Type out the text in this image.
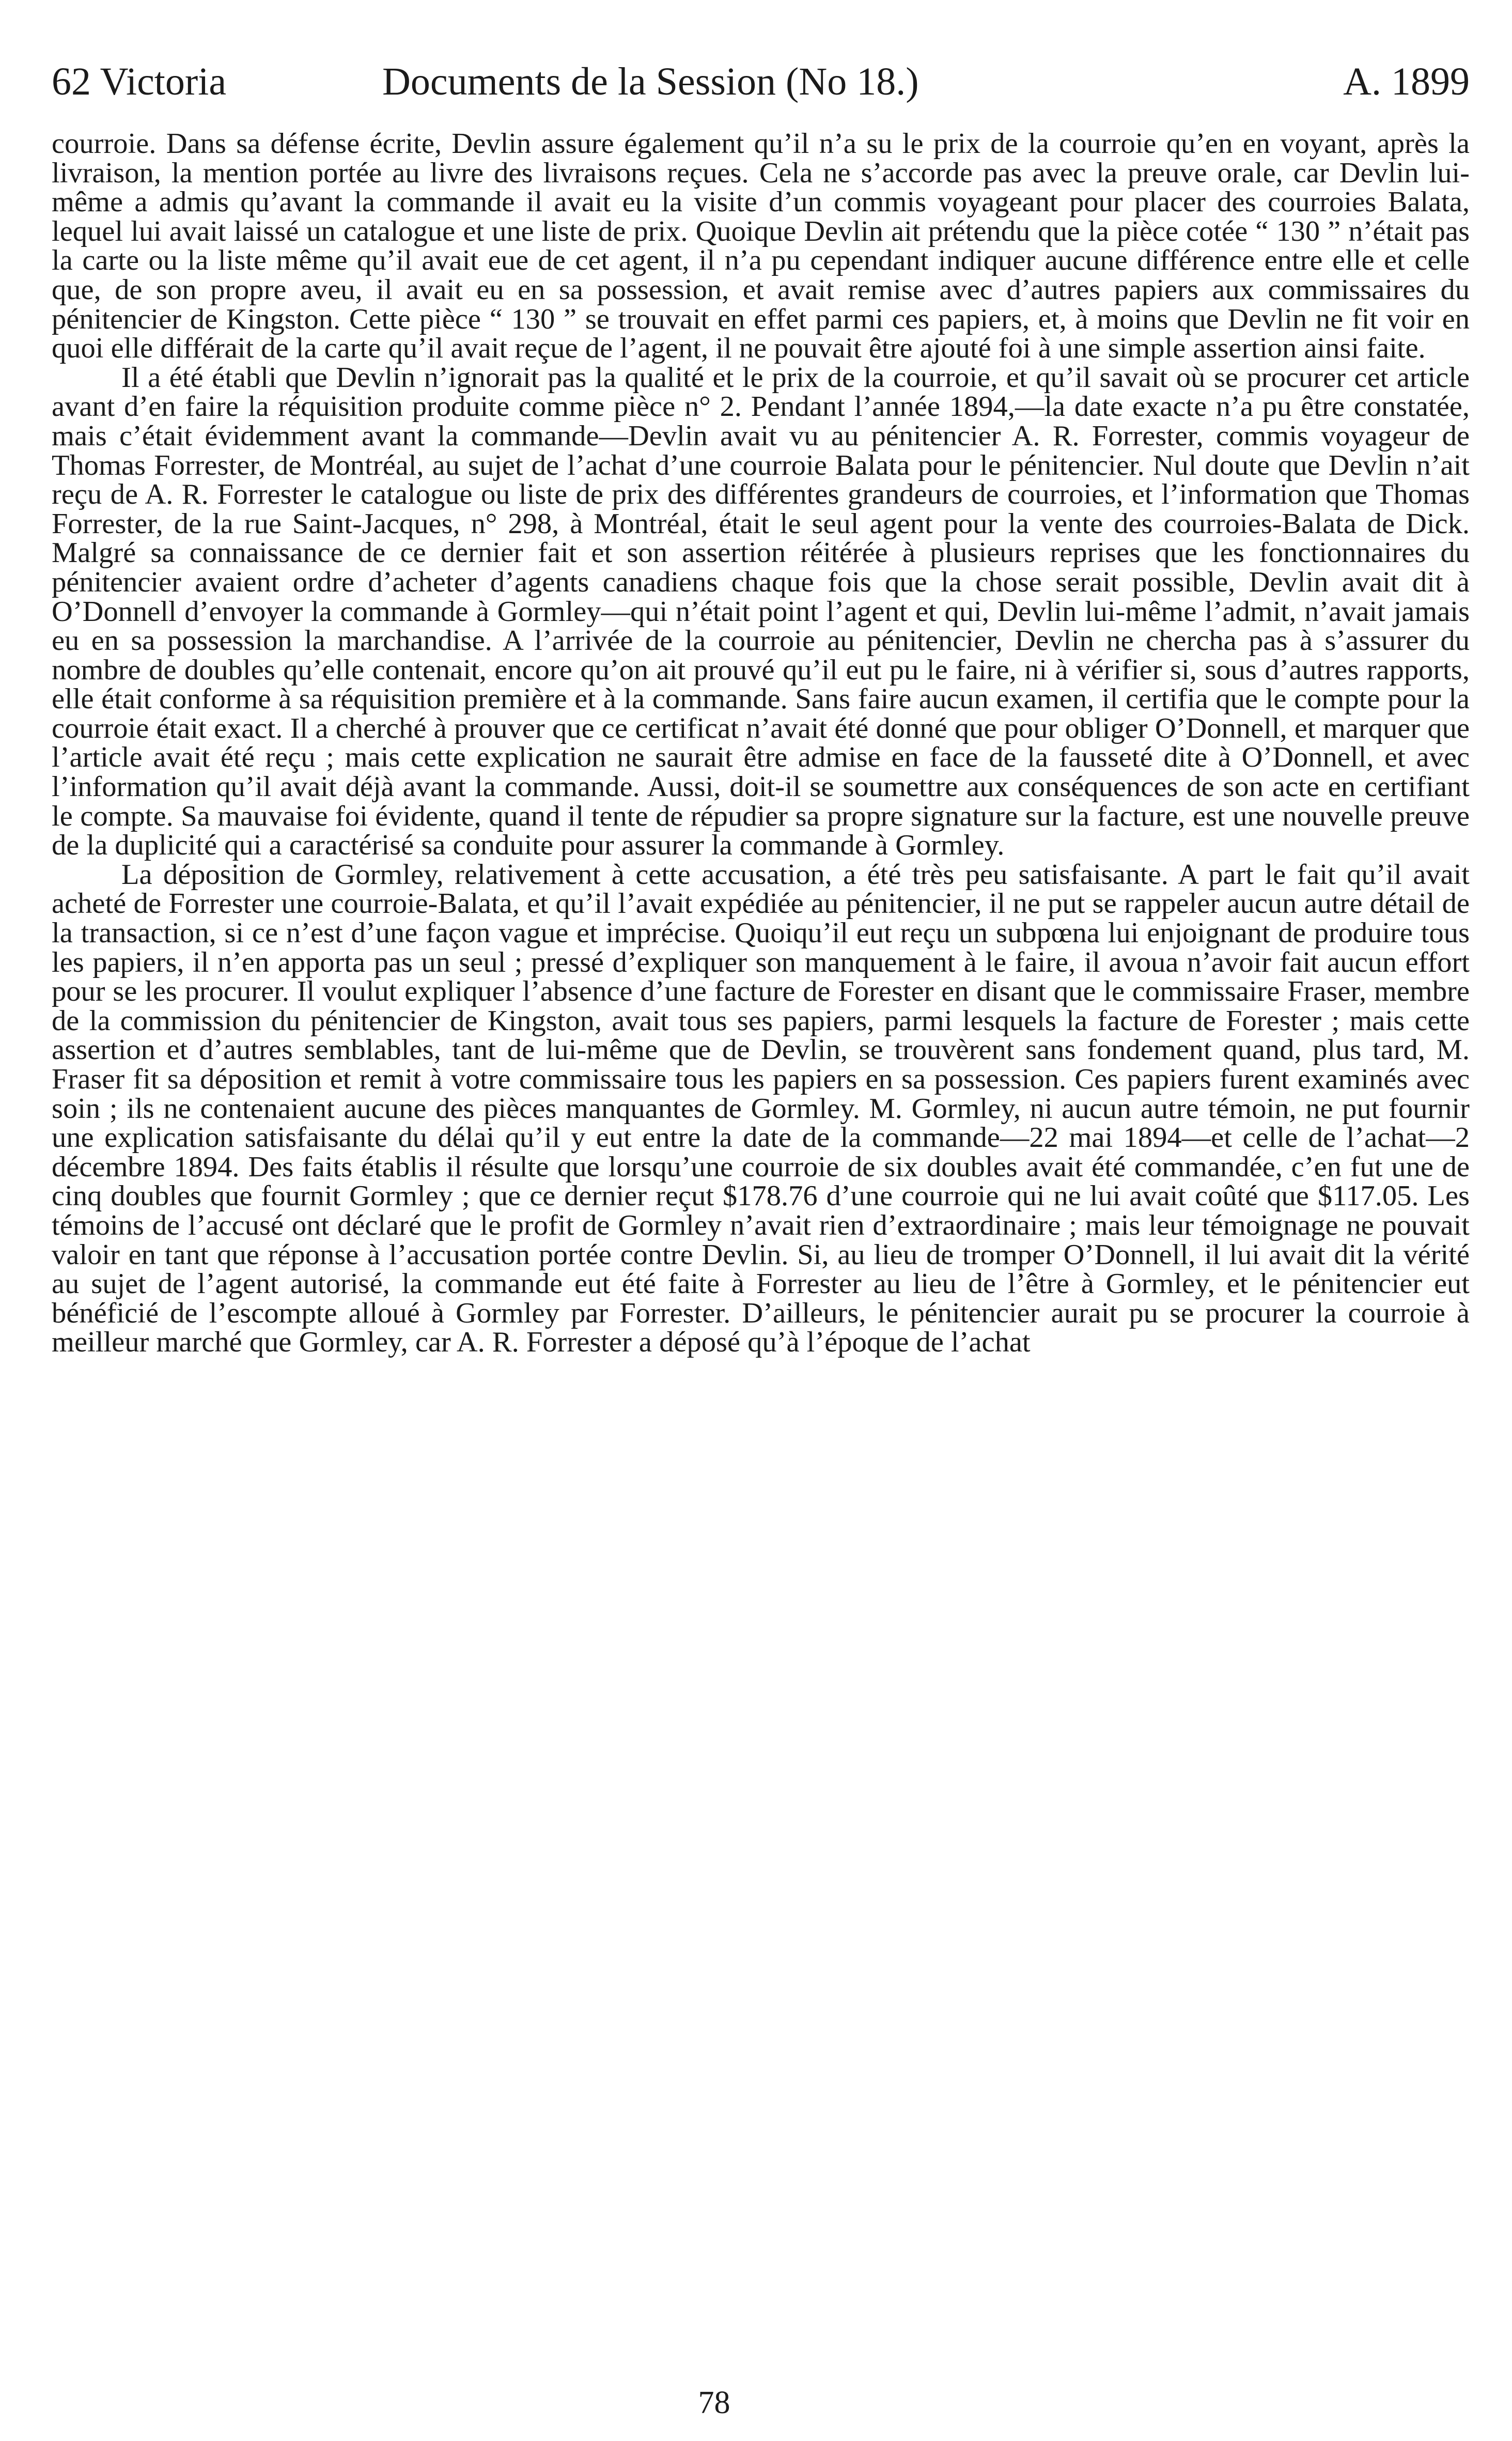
62 Victoria	Documents de la Session (No 18.)	A. 1899

courroie. Dans sa défense écrite, Devlin assure également qu’il n’a su le prix de la courroie qu’en en voyant, après la livraison, la mention portée au livre des livraisons reçues. Cela ne s’accorde pas avec la preuve orale, car Devlin lui-même a admis qu’avant la commande il avait eu la visite d’un commis voyageant pour placer des courroies Balata, lequel lui avait laissé un catalogue et une liste de prix. Quoique Devlin ait prétendu que la pièce cotée “ 130 ” n’était pas la carte ou la liste même qu’il avait eue de cet agent, il n’a pu cependant indiquer aucune différence entre elle et celle que, de son propre aveu, il avait eu en sa possession, et avait remise avec d’autres papiers aux commissaires du pénitencier de Kingston. Cette pièce “ 130 ” se trouvait en effet parmi ces papiers, et, à moins que Devlin ne fit voir en quoi elle différait de la carte qu’il avait reçue de l’agent, il ne pouvait être ajouté foi à une simple assertion ainsi faite.

Il a été établi que Devlin n’ignorait pas la qualité et le prix de la courroie, et qu’il savait où se procurer cet article avant d’en faire la réquisition produite comme pièce n° 2. Pendant l’année 1894,—la date exacte n’a pu être constatée, mais c’était évidemment avant la commande—Devlin avait vu au pénitencier A. R. Forrester, commis voyageur de Thomas Forrester, de Montréal, au sujet de l’achat d’une courroie Balata pour le pénitencier. Nul doute que Devlin n’ait reçu de A. R. Forrester le catalogue ou liste de prix des différentes grandeurs de courroies, et l’information que Thomas Forrester, de la rue Saint-Jacques, n° 298, à Montréal, était le seul agent pour la vente des courroies-Balata de Dick. Malgré sa connaissance de ce dernier fait et son assertion réitérée à plusieurs reprises que les fonctionnaires du pénitencier avaient ordre d’acheter d’agents canadiens chaque fois que la chose serait possible, Devlin avait dit à O’Donnell d’envoyer la commande à Gormley—qui n’était point l’agent et qui, Devlin lui-même l’admit, n’avait jamais eu en sa possession la marchandise. A l’arrivée de la courroie au pénitencier, Devlin ne chercha pas à s’assurer du nombre de doubles qu’elle contenait, encore qu’on ait prouvé qu’il eut pu le faire, ni à vérifier si, sous d’autres rapports, elle était conforme à sa réquisition première et à la commande. Sans faire aucun examen, il certifia que le compte pour la courroie était exact. Il a cherché à prouver que ce certificat n’avait été donné que pour obliger O’Donnell, et marquer que l’article avait été reçu ; mais cette explication ne saurait être admise en face de la fausseté dite à O’Donnell, et avec l’information qu’il avait déjà avant la commande. Aussi, doit-il se soumettre aux conséquences de son acte en certifiant le compte. Sa mauvaise foi évidente, quand il tente de répudier sa propre signature sur la facture, est une nouvelle preuve de la duplicité qui a caractérisé sa conduite pour assurer la commande à Gormley.

La déposition de Gormley, relativement à cette accusation, a été très peu satisfaisante. A part le fait qu’il avait acheté de Forrester une courroie-Balata, et qu’il l’avait expédiée au pénitencier, il ne put se rappeler aucun autre détail de la transaction, si ce n’est d’une façon vague et imprécise. Quoiqu’il eut reçu un subpœna lui enjoignant de produire tous les papiers, il n’en apporta pas un seul ; pressé d’expliquer son manquement à le faire, il avoua n’avoir fait aucun effort pour se les procurer. Il voulut expliquer l’absence d’une facture de Forester en disant que le commissaire Fraser, membre de la commission du pénitencier de Kingston, avait tous ses papiers, parmi lesquels la facture de Forester ; mais cette assertion et d’autres semblables, tant de lui-même que de Devlin, se trouvèrent sans fondement quand, plus tard, M. Fraser fit sa déposition et remit à votre commissaire tous les papiers en sa possession. Ces papiers furent examinés avec soin ; ils ne contenaient aucune des pièces manquantes de Gormley. M. Gormley, ni aucun autre témoin, ne put fournir une explication satisfaisante du délai qu’il y eut entre la date de la commande—22 mai 1894—et celle de l’achat—2 décembre 1894. Des faits établis il résulte que lorsqu’une courroie de six doubles avait été commandée, c’en fut une de cinq doubles que fournit Gormley ; que ce dernier reçut $178.76 d’une courroie qui ne lui avait coûté que $117.05. Les témoins de l’accusé ont déclaré que le profit de Gormley n’avait rien d’extraordinaire ; mais leur témoignage ne pouvait valoir en tant que réponse à l’accusation portée contre Devlin. Si, au lieu de tromper O’Donnell, il lui avait dit la vérité au sujet de l’agent autorisé, la commande eut été faite à Forrester au lieu de l’être à Gormley, et le pénitencier eut bénéficié de l’escompte alloué à Gormley par Forrester. D’ailleurs, le pénitencier aurait pu se procurer la courroie à meilleur marché que Gormley, car A. R. Forrester a déposé qu’à l’époque de l’achat

78
